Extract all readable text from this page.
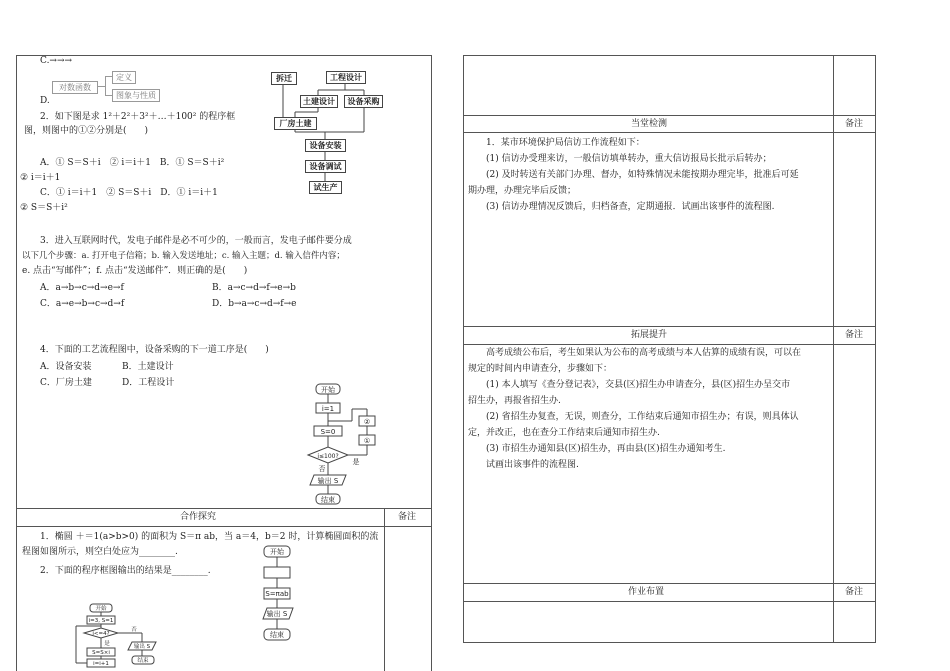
C.→→→
对数函数
定义
图象与性质
D.
2．如下图是求 1²＋2²＋3²＋…＋100² 的程序框
图，则图中的①②分别是(　　)
A．① S＝S＋i　② i＝i＋1　B．① S＝S＋i²
② i＝i＋1
C．① i＝i＋1　② S＝S＋i　D．① i＝i＋1
② S＝S＋i²
拆迁	工程设计
土建设计	设备采购
厂房土建
设备安装
设备调试
试生产
3．进入互联网时代，发电子邮件是必不可少的，一般而言，发电子邮件要分成
以下几个步骤：a. 打开电子信箱；b. 输入发送地址；c. 输入主题；d. 输入信件内容；
e. 点击“写邮件”；f. 点击“发送邮件”．则正确的是(　　)
A．a→b→c→d→e→f	B．a→c→d→f→e→b
C．a→e→b→c→d→f	D．b→a→c→d→f→e
4．下面的工艺流程图中，设备采购的下一道工序是(　　)
A．设备安装	B．土建设计
C．厂房土建	D．工程设计
开始
i=1
S=0
i≤100?
是
否
输出 S
结束
②
①
合作探究	备注
1．椭圆 ＋＝1(a>b>0) 的面积为 S＝π ab，当 a＝4，b＝2 时，计算椭圆面积的流
程图如图所示，则空白处应为________.
2．下面的程序框图输出的结果是________.
开始
S=πab
输出 S
结束
开始
i=3, S=1
i<=4?
否
是
S=S×i
i=i+1
输出 S
结束
当堂检测	备注
1．某市环境保护局信访工作流程如下：
(1) 信访办受理来访，一般信访填单转办，重大信访报局长批示后转办；
(2) 及时转送有关部门办理、督办，如特殊情况未能按期办理完毕，批准后可延
期办理，办理完毕后反馈；
(3) 信访办理情况反馈后，归档备查，定期通报．试画出该事件的流程图.
拓展提升	备注
高考成绩公布后，考生如果认为公布的高考成绩与本人估算的成绩有误，可以在
规定的时间内申请查分，步骤如下：
(1) 本人填写《查分登记表》，交县(区)招生办申请查分，县(区)招生办呈交市
招生办，再报省招生办.
(2) 省招生办复查，无误，则查分，工作结束后通知市招生办；有误，则具体认
定，并改正，也在查分工作结束后通知市招生办.
(3) 市招生办通知县(区)招生办，再由县(区)招生办通知考生.
试画出该事件的流程图.
作业布置	备注
